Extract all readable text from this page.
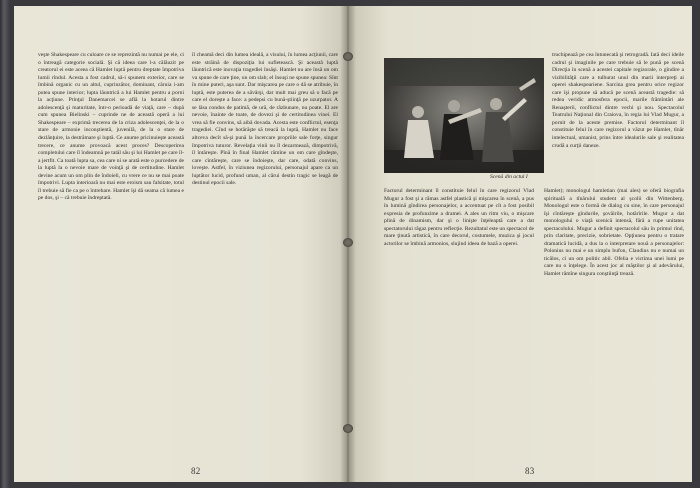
veşte Shakespeare cu culoare ce se reprezintă nu numai pe ele, ci o întreagă categorie socială. Şi că ideea care l-a călăuzit pe creatorul ei este aceea că Hamlet luptă pentru dreptate împotriva lumii rîndul. Acesta a fost cadrul, să-i spunem exterior, care se îmbină organic cu un altul, cuprinzător, dominant, căruia i-am putea spune interior; lupta lăuntrică a lui Hamlet pentru a porni la acţiune. Prinţul Danemarcei se află la hotarul dintre adolescenţă şi maturitate, într-o perioadă de viaţă, care – după cum spunea Bielinski – cuprinde ne de această operă a lui Shakespeare – exprimă trecerea de la criza adolescenţei, de la o stare de armonie inconştientă, juvenilă, de la o stare de dezlănţuire, la destrămare şi luptă. Ce anume pricinuieşte această trecere, ce anume provoacă acest proces? Descoperirea completului care îl îndeamnă pe tatăl său şi lui Hamlet pe care îl-a jertfit. Ca toată lupta sa, cea care ni se arată este o purcedere de la luptă la o nevoie mare de voinţă şi de certitudine. Hamlet devine acum un om plin de îndoieli, cu vrere ce nu se mai poate împotrivi. Lupta interioară nu mai este eroism sau falsitate, totul îl trebuie să fie ca pe o întrebare. Hamlet îşi dă seama că lumea e pe dos, şi – că trebuie îndreptată.

îl cheamă deci din lumea ideală, a visului, în lumea acţiunii, care este străină de dispoziţia lui sufletească. Şi această luptă lăuntrică este inovaţia tragediei însăşi. Hamlet nu are însă un om va spune de care ţine, un om slab; el însuşi ne spune spunea: Sînt în mine puteri, aşa sunt. Dar mişcarea pe care o dă se atribuie, în luptă, este puterea de a săvârşi, dar mult mai greu să o facă pe care el doreşte a face: a pedepsi cu bună-ştiinţă pe uzurpator. A se lăsa condus de patimă, de ură, de răzbunare, nu poate. El are nevoie, înainte de toate, de dovezi şi de certitudinea vinei. El vrea să fie convins, să aibă dovada. Acesta este conflictul, esenţa tragediei. Cînd se hotărăşte să treacă la luptă, Hamlet nu face altceva decît să-şi pună la încercare propriile sale forţe, singur împotriva tuturor. Revelaţia vinii nu îl dezarmează, dimpotrivă, îl întăreşte. Pînă în final Hamlet rămîne un om care gîndeşte, care cîntăreşte, care se îndoieşte, dar care, odată convins, loveşte. Astfel, în viziunea regizorului, personajul apare ca un luptător lucid, profund uman, al cărui destin tragic se leagă de destinul epocii sale.

82
Scenă din actul I

truchipează pe cea întunecată şi retrogradă. Iată deci ideile cadrul şi imaginile pe care trebuie să le pună pe scenă Direcţia în scenă a acestei capitale regizorale, o gîndire a vizibilităţii care a tulburat unul din marii interpreţi ai operei shakespeariene. Sarcina grea pentru orice regizor care îşi propune să aducă pe scenă această tragedie: să redea veridic atmosfera epocii, marile frămîntări ale Renaşterii, conflictul dintre vechi şi nou. Spectacolul Teatrului Naţional din Craiova, în regia lui Vlad Mugur, a pornit de la aceste premise. Factorul determinant îl constituie felul în care regizorul a văzut pe Hamlet, tînăr intelectual, umanist, prins între idealurile sale şi realitatea crudă a curţii daneze.

Factorul determinant îl constituie felul în care regizorul Vlad Mugur a fost şi a rămas astfel plastică şi mişcarea în scenă, a pus în lumină gîndirea personajelor, a accentuat pe cît a fost posibil expresia de profunzime a dramei. A ales un ritm viu, o mişcare plină de dinamism, dar şi o linişte înţeleaptă care a dat spectatorului răgaz pentru reflecţie. Rezultatul este un spectacol de mare ţinută artistică, în care decorul, costumele, muzica şi jocul actorilor se îmbină armonios, slujind ideea de bază a operei.

Hamlet); monologul hamletian (mai ales) se oferă biografia spirituală a tînărului student al şcolii din Wittenberg. Monologul este o formă de dialog cu sine, în care personajul îşi cîntăreşte gîndurile, şovăirile, hotărîrile. Mugur a dat monologului o viaţă scenică intensă, fără a rupe unitatea spectacolului. Mugur a definit spectacolul său în primul rînd, prin claritate, precizie, sobrietate. Opţiunea pentru o tratare dramatică lucidă, a dus la o interpretare nouă a personajelor: Polonius nu mai e un simplu bufon, Claudius nu e numai un ticălos, ci un om politic abil. Ofelia e victima unei lumi pe care nu o înţelege. În acest joc al măştilor şi al adevărului, Hamlet rămîne singura conştiinţă trează.

83
